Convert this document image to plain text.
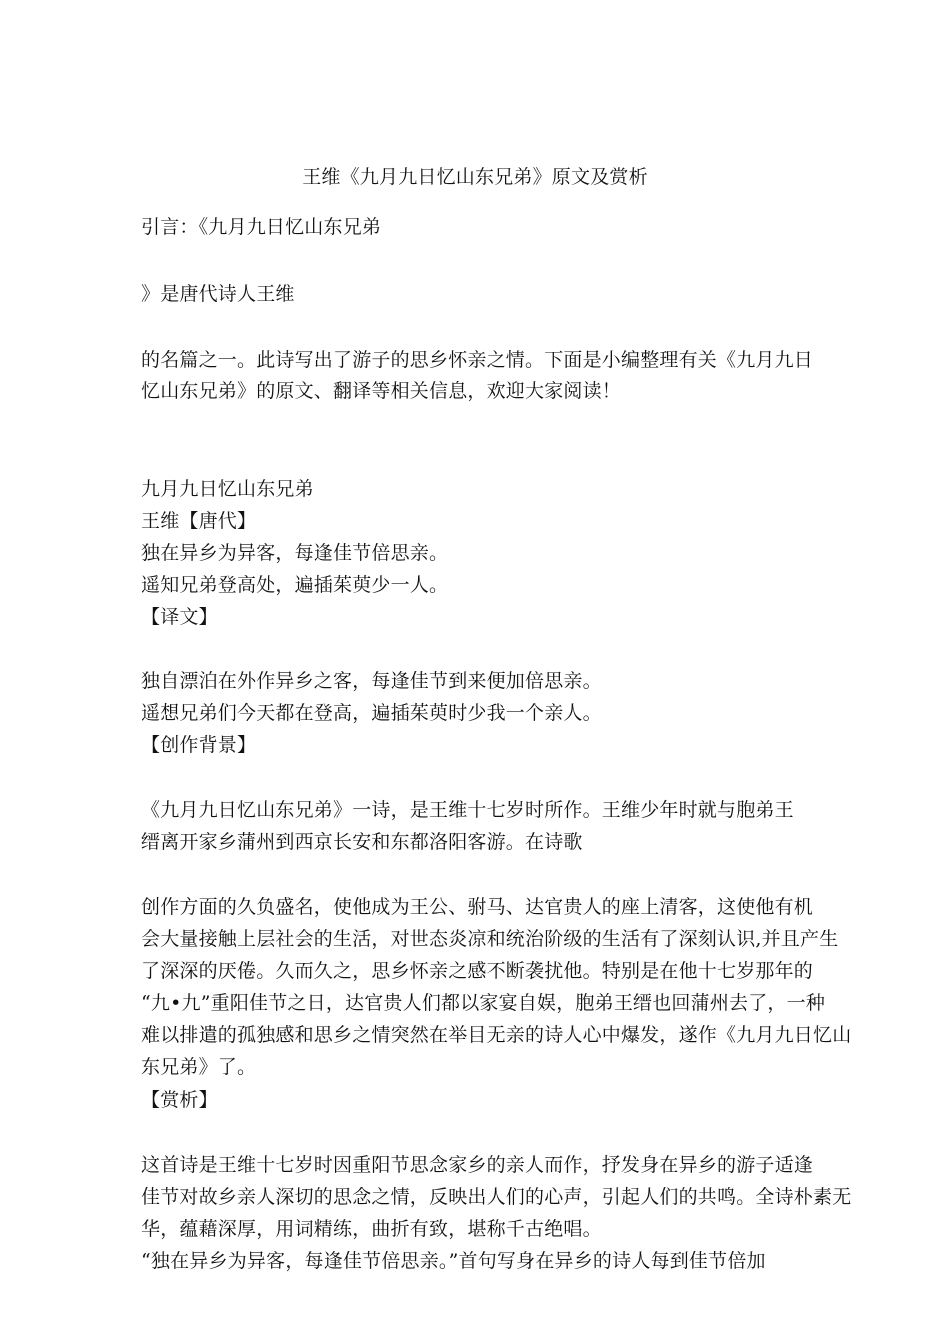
王维《九月九日忆山东兄弟》原文及赏析
引言：《九月九日忆山东兄弟
》是唐代诗人王维
的名篇之一。此诗写出了游子的思乡怀亲之情。下面是小编整理有关《九月九日
忆山东兄弟》的原文、翻译等相关信息，欢迎大家阅读！
九月九日忆山东兄弟
王维【唐代】
独在异乡为异客，每逢佳节倍思亲。
遥知兄弟登高处，遍插茱萸少一人。
【译文】
独自漂泊在外作异乡之客，每逢佳节到来便加倍思亲。
遥想兄弟们今天都在登高，遍插茱萸时少我一个亲人。
【创作背景】
《九月九日忆山东兄弟》一诗，是王维十七岁时所作。王维少年时就与胞弟王
缙离开家乡蒲州到西京长安和东都洛阳客游。在诗歌
创作方面的久负盛名，使他成为王公、驸马、达官贵人的座上清客，这使他有机
会大量接触上层社会的生活，对世态炎凉和统治阶级的生活有了深刻认识,并且产生
了深深的厌倦。久而久之，思乡怀亲之感不断袭扰他。特别是在他十七岁那年的
“九•九”重阳佳节之日，达官贵人们都以家宴自娱，胞弟王缙也回蒲州去了，一种
难以排遣的孤独感和思乡之情突然在举目无亲的诗人心中爆发，遂作《九月九日忆山
东兄弟》了。
【赏析】
这首诗是王维十七岁时因重阳节思念家乡的亲人而作，抒发身在异乡的游子适逢
佳节对故乡亲人深切的思念之情，反映出人们的心声，引起人们的共鸣。全诗朴素无
华，蕴藉深厚，用词精练，曲折有致，堪称千古绝唱。
“独在异乡为异客，每逢佳节倍思亲。”首句写身在异乡的诗人每到佳节倍加
